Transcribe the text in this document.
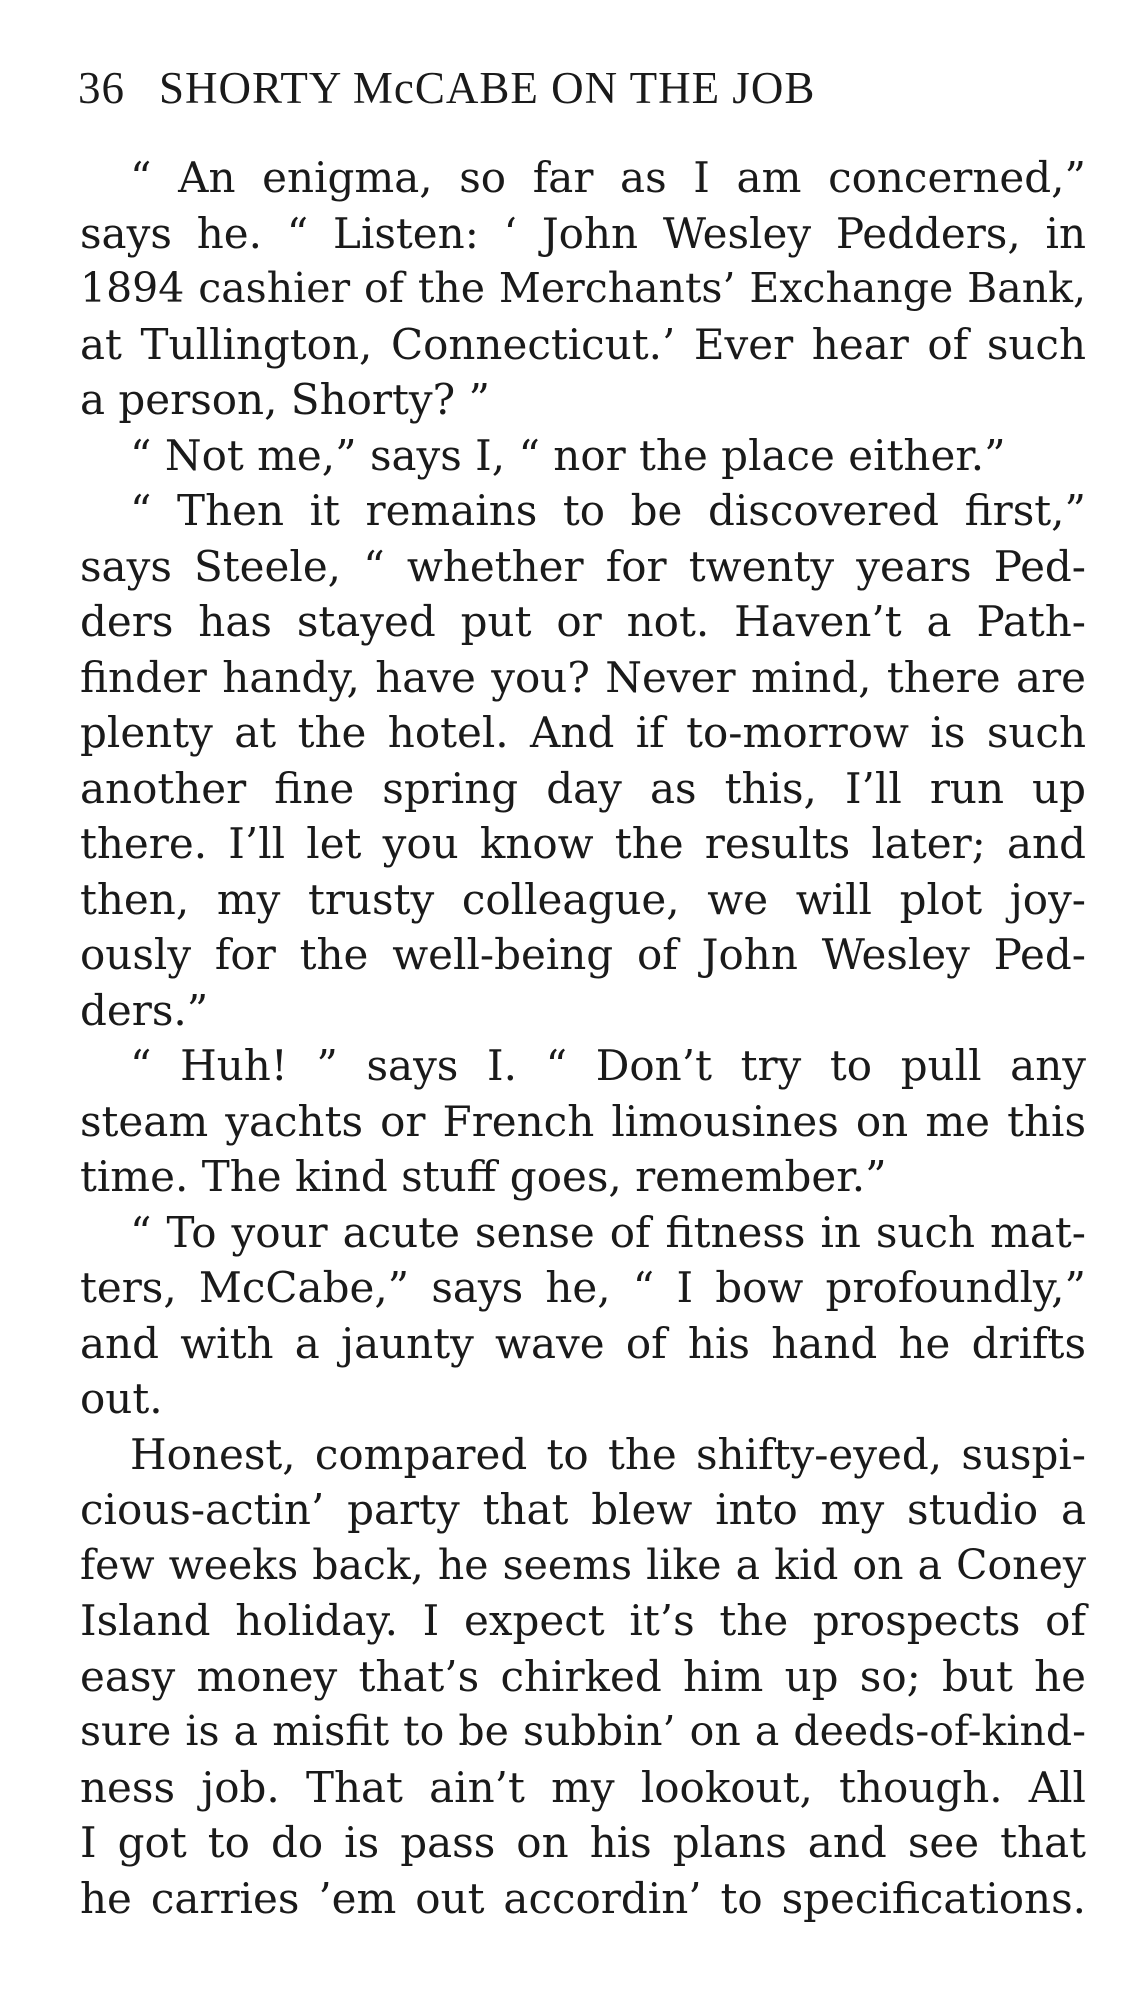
36 SHORTY McCABE ON THE JOB
“ An enigma, so far as I am concerned,”
says he. “ Listen: ‘ John Wesley Pedders, in
1894 cashier of the Merchants’ Exchange Bank,
at Tullington, Connecticut.’ Ever hear of such
a person, Shorty? ”
“ Not me,” says I, “ nor the place either.”
“ Then it remains to be discovered first,”
says Steele, “ whether for twenty years Ped-
ders has stayed put or not. Haven’t a Path-
finder handy, have you? Never mind, there are
plenty at the hotel. And if to-morrow is such
another fine spring day as this, I’ll run up
there. I’ll let you know the results later; and
then, my trusty colleague, we will plot joy-
ously for the well-being of John Wesley Ped-
ders.”
“ Huh! ” says I. “ Don’t try to pull any
steam yachts or French limousines on me this
time. The kind stuff goes, remember.”
“ To your acute sense of fitness in such mat-
ters, McCabe,” says he, “ I bow profoundly,”
and with a jaunty wave of his hand he drifts
out.
Honest, compared to the shifty-eyed, suspi-
cious-actin’ party that blew into my studio a
few weeks back, he seems like a kid on a Coney
Island holiday. I expect it’s the prospects of
easy money that’s chirked him up so; but he
sure is a misfit to be subbin’ on a deeds-of-kind-
ness job. That ain’t my lookout, though. All
I got to do is pass on his plans and see that
he carries ’em out accordin’ to specifications.
